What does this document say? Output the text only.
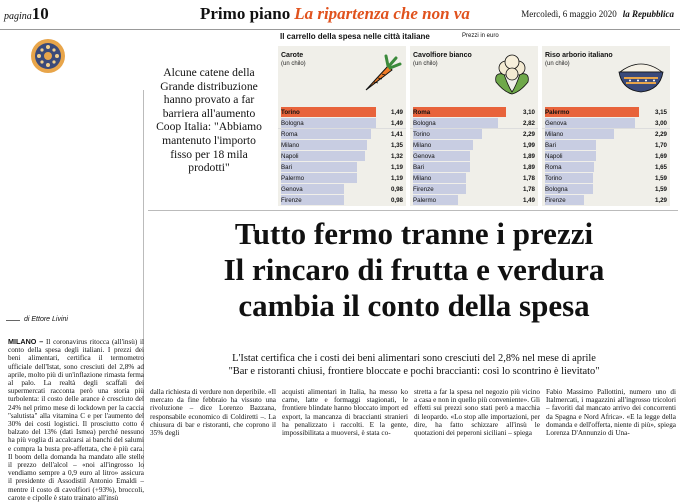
pagina10	Primo piano La ripartenza che non va	Mercoledì, 6 maggio 2020 la Repubblica
di Ettore Livini
MILANO – Il coronavirus ritocca (all'insù) il conto della spesa degli italiani. I prezzi dei beni alimentari, certifica il termometro ufficiale dell'Istat, sono cresciuti del 2,8% ad aprile, molto più di un'inflazione rimasta ferma al palo. La realtà degli scaffali dei supermercati racconta però una storia più turbolenta: il costo delle arance è cresciuto del 24% nel primo mese di lockdown per la caccia "salutista" alla vitamina C e per l'aumento del 30% dei costi logistici. Il prosciutto cotto è balzato del 13% (dati Ismea) perché nessuno ha più voglia di accalcarsi ai banchi del salumi e compra la busta pre-affettata, che è più cara. Il boom della domanda ha mandato alle stelle il prezzo dell'alcol – «noi all'ingrosso lo vendiamo sempre a 0,9 euro al litro» assicura il presidente di Assodistil Antonio Emaldi – mentre il costo di cavolfiori (+93%), broccoli, carote e cipolle è stato trainato all'insù
Alcune catene della Grande distribuzione hanno provato a far barriera all'aumento Coop Italia: "Abbiamo mantenuto l'importo fisso per 18 mila prodotti"
Il carrello della spesa nelle città italiane	Prezzi in euro
Carote
(un chilo)
Torino	1,49
Bologna	1,49
Roma	1,41
Milano	1,35
Napoli	1,32
Bari	1,19
Palermo	1,19
Genova	0,98
Firenze	0,98
Cavolfiore bianco
(un chilo)
Roma	3,10
Bologna	2,82
Torino	2,29
Milano	1,99
Genova	1,89
Bari	1,89
Milano	1,78
Firenze	1,78
Palermo	1,49
Riso arborio italiano
(un chilo)
Palermo	3,15
Genova	3,00
Milano	2,29
Bari	1,70
Napoli	1,69
Roma	1,65
Torino	1,59
Bologna	1,59
Firenze	1,29
Tutto fermo tranne i prezzi
Il rincaro di frutta e verdura
cambia il conto della spesa
L'Istat certifica che i costi dei beni alimentari sono cresciuti del 2,8% nel mese di aprile
"Bar e ristoranti chiusi, frontiere bloccate e pochi braccianti: così lo scontrino è lievitato"
dalla richiesta di verdure non deperibile. «Il mercato da fine febbraio ha vissuto una rivoluzione – dice Lorenzo Bazzana, responsabile economico di Coldiretti –. La chiusura di bar e ristoranti, che coprono il 35% degli
acquisti alimentari in Italia, ha messo ko carne, latte e formaggi stagionati, le frontiere blindate hanno bloccato import ed export, la mancanza di braccianti stranieri ha penalizzato i raccolti. E la gente, impossibilitata a muoversi, è stata co-
stretta a far la spesa nel negozio più vicino a casa e non in quello più conveniente». Gli effetti sui prezzi sono stati però a macchia di leopardo. «Lo stop alle importazioni, per dire, ha fatto schizzare all'insù le quotazioni dei peperoni siciliani – spiega
Fabio Massimo Pallottini, numero uno di Italmercati, i magazzini all'ingrosso tricolori – favoriti dal mancato arrivo dei concorrenti da Spagna e Nord Africa». «E la legge della domanda e dell'offerta, niente di più», spiega Lorenza D'Annunzio di Una-
